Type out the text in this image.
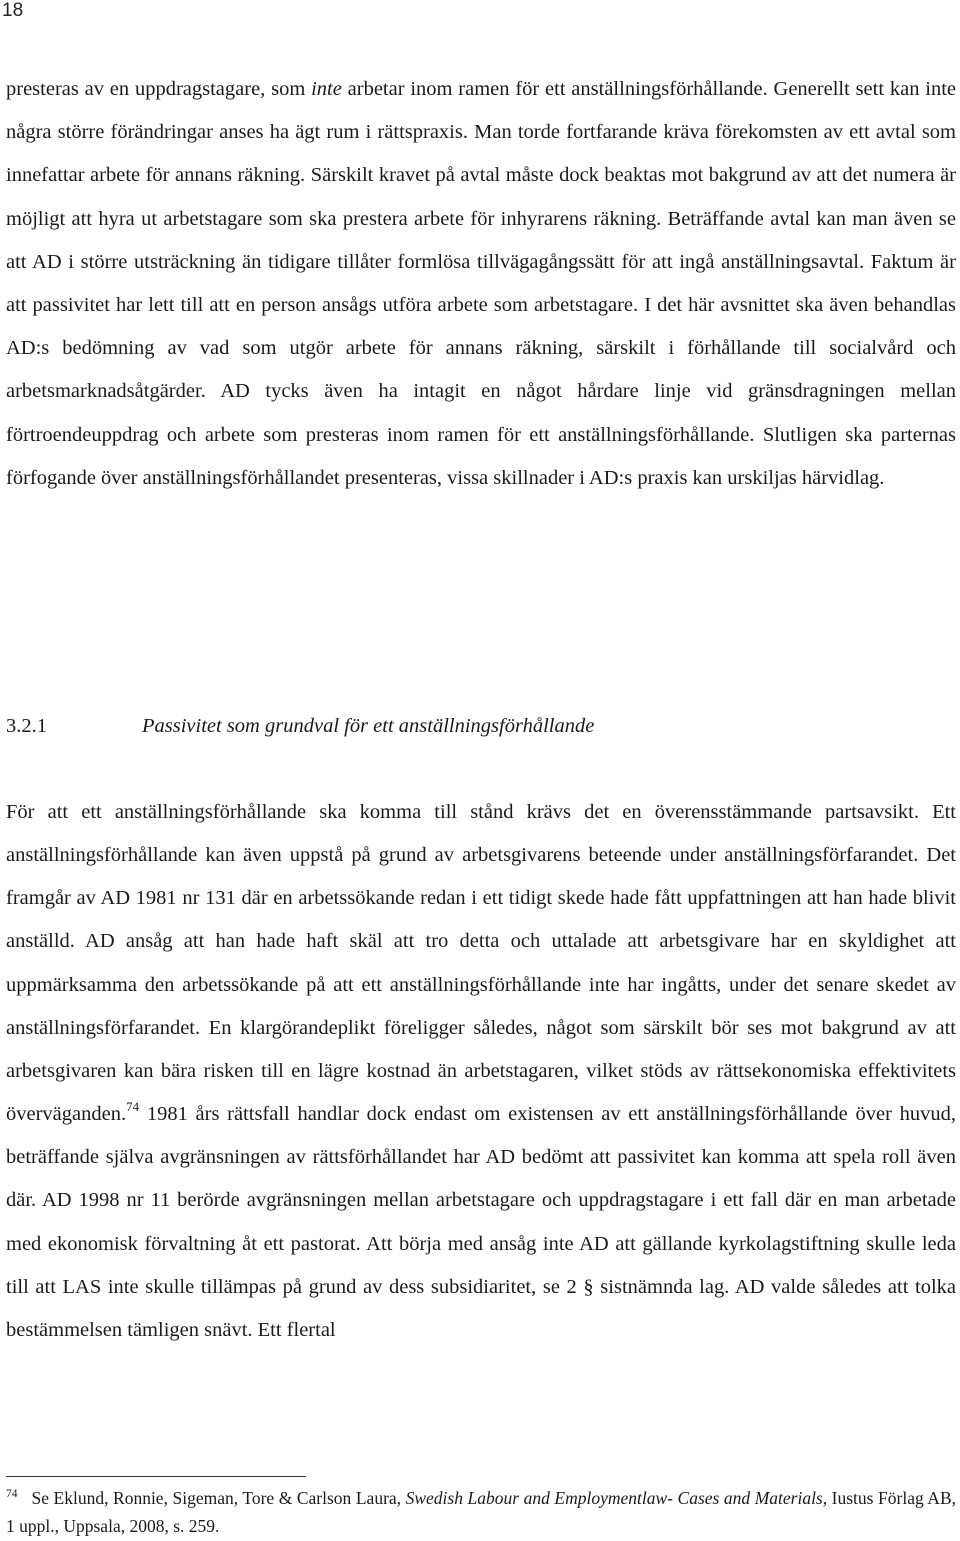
18

presteras av en uppdragstagare, som inte arbetar inom ramen för ett anställningsförhållande. Generellt sett kan inte några större förändringar anses ha ägt rum i rättspraxis. Man torde fortfarande kräva förekomsten av ett avtal som innefattar arbete för annans räkning. Särskilt kravet på avtal måste dock beaktas mot bakgrund av att det numera är möjligt att hyra ut arbetstagare som ska prestera arbete för inhyrarens räkning. Beträffande avtal kan man även se att AD i större utsträckning än tidigare tillåter formlösa tillvägagångssätt för att ingå anställningsavtal. Faktum är att passivitet har lett till att en person ansågs utföra arbete som arbetstagare. I det här avsnittet ska även behandlas AD:s bedömning av vad som utgör arbete för annans räkning, särskilt i förhållande till socialvård och arbetsmarknadsåtgärder. AD tycks även ha intagit en något hårdare linje vid gränsdragningen mellan förtroendeuppdrag och arbete som presteras inom ramen för ett anställningsförhållande. Slutligen ska parternas förfogande över anställningsförhållandet presenteras, vissa skillnader i AD:s praxis kan urskiljas härvidlag.

3.2.1	Passivitet som grundval för ett anställningsförhållande

För att ett anställningsförhållande ska komma till stånd krävs det en överensstämmande partsavsikt. Ett anställningsförhållande kan även uppstå på grund av arbetsgivarens beteende under anställningsförfarandet. Det framgår av AD 1981 nr 131 där en arbetssökande redan i ett tidigt skede hade fått uppfattningen att han hade blivit anställd. AD ansåg att han hade haft skäl att tro detta och uttalade att arbetsgivare har en skyldighet att uppmärksamma den arbetssökande på att ett anställningsförhållande inte har ingåtts, under det senare skedet av anställningsförfarandet. En klargörandeplikt föreligger således, något som särskilt bör ses mot bakgrund av att arbetsgivaren kan bära risken till en lägre kostnad än arbetstagaren, vilket stöds av rättsekonomiska effektivitets överväganden.$^{74}$ 1981 års rättsfall handlar dock endast om existensen av ett anställningsförhållande över huvud, beträffande själva avgränsningen av rättsförhållandet har AD bedömt att passivitet kan komma att spela roll även där. AD 1998 nr 11 berörde avgränsningen mellan arbetstagare och uppdragstagare i ett fall där en man arbetade med ekonomisk förvaltning åt ett pastorat. Att börja med ansåg inte AD att gällande kyrkolagstiftning skulle leda till att LAS inte skulle tillämpas på grund av dess subsidiaritet, se 2 § sistnämnda lag. AD valde således att tolka bestämmelsen tämligen snävt. Ett flertal

$^{74}$ Se Eklund, Ronnie, Sigeman, Tore & Carlson Laura, Swedish Labour and Employmentlaw- Cases and Materials, Iustus Förlag AB, 1 uppl., Uppsala, 2008, s. 259.
